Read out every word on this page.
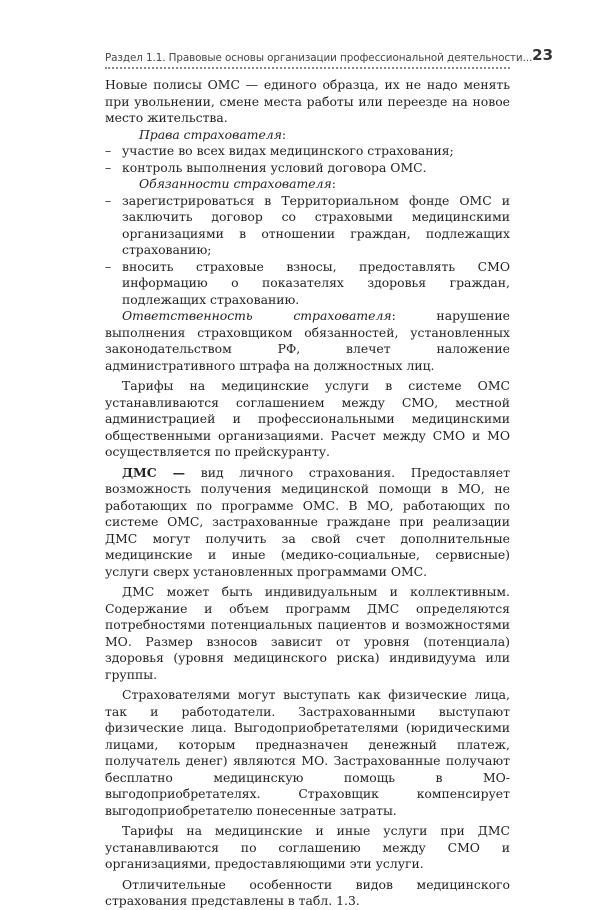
Раздел 1.1. Правовые основы организации профессиональной деятельности... 23

Новые полисы ОМС — единого образца, их не надо менять при увольнении, смене места работы или переезде на новое место жительства.

Права страхователя:

– участие во всех видах медицинского страхования;
– контроль выполнения условий договора ОМС.

Обязанности страхователя:

– зарегистрироваться в Территориальном фонде ОМС и заключить договор со страховыми медицинскими организациями в отношении граждан, подлежащих страхованию;
– вносить страховые взносы, предоставлять СМО информацию о показателях здоровья граждан, подлежащих страхованию.

Ответственность страхователя: нарушение выполнения страховщиком обязанностей, установленных законодательством РФ, влечет наложение административного штрафа на должностных лиц.

Тарифы на медицинские услуги в системе ОМС устанавливаются соглашением между СМО, местной администрацией и профессиональными медицинскими общественными организациями. Расчет между СМО и МО осуществляется по прейскуранту.

ДМС — вид личного страхования. Предоставляет возможность получения медицинской помощи в МО, не работающих по программе ОМС. В МО, работающих по системе ОМС, застрахованные граждане при реализации ДМС могут получить за свой счет дополнительные медицинские и иные (медико-социальные, сервисные) услуги сверх установленных программами ОМС.

ДМС может быть индивидуальным и коллективным. Содержание и объем программ ДМС определяются потребностями потенциальных пациентов и возможностями МО. Размер взносов зависит от уровня (потенциала) здоровья (уровня медицинского риска) индивидуума или группы.

Страхователями могут выступать как физические лица, так и работодатели. Застрахованными выступают физические лица. Выгодоприобретателями (юридическими лицами, которым предназначен денежный платеж, получатель денег) являются МО. Застрахованные получают бесплатно медицинскую помощь в МО-выгодоприобретателях. Страховщик компенсирует выгодоприобретателю понесенные затраты.

Тарифы на медицинские и иные услуги при ДМС устанавливаются по соглашению между СМО и организациями, предоставляющими эти услуги.

Отличительные особенности видов медицинского страхования представлены в табл. 1.3.
